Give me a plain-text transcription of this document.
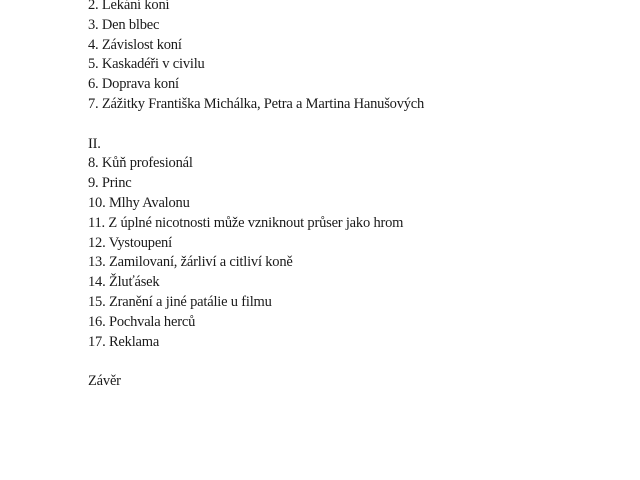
2. Lekání koní
3. Den blbec
4. Závislost koní
5. Kaskadéři v civilu
6. Doprava koní
7. Zážitky Františka Michálka, Petra a Martina Hanušových
II.
8. Kůň profesionál
9. Princ
10. Mlhy Avalonu
11. Z úplné nicotnosti může vzniknout průser jako hrom
12. Vystoupení
13. Zamilovaní, žárliví a citliví koně
14. Žluťásek
15. Zranění a jiné patálie u filmu
16. Pochvala herců
17. Reklama
Závěr
